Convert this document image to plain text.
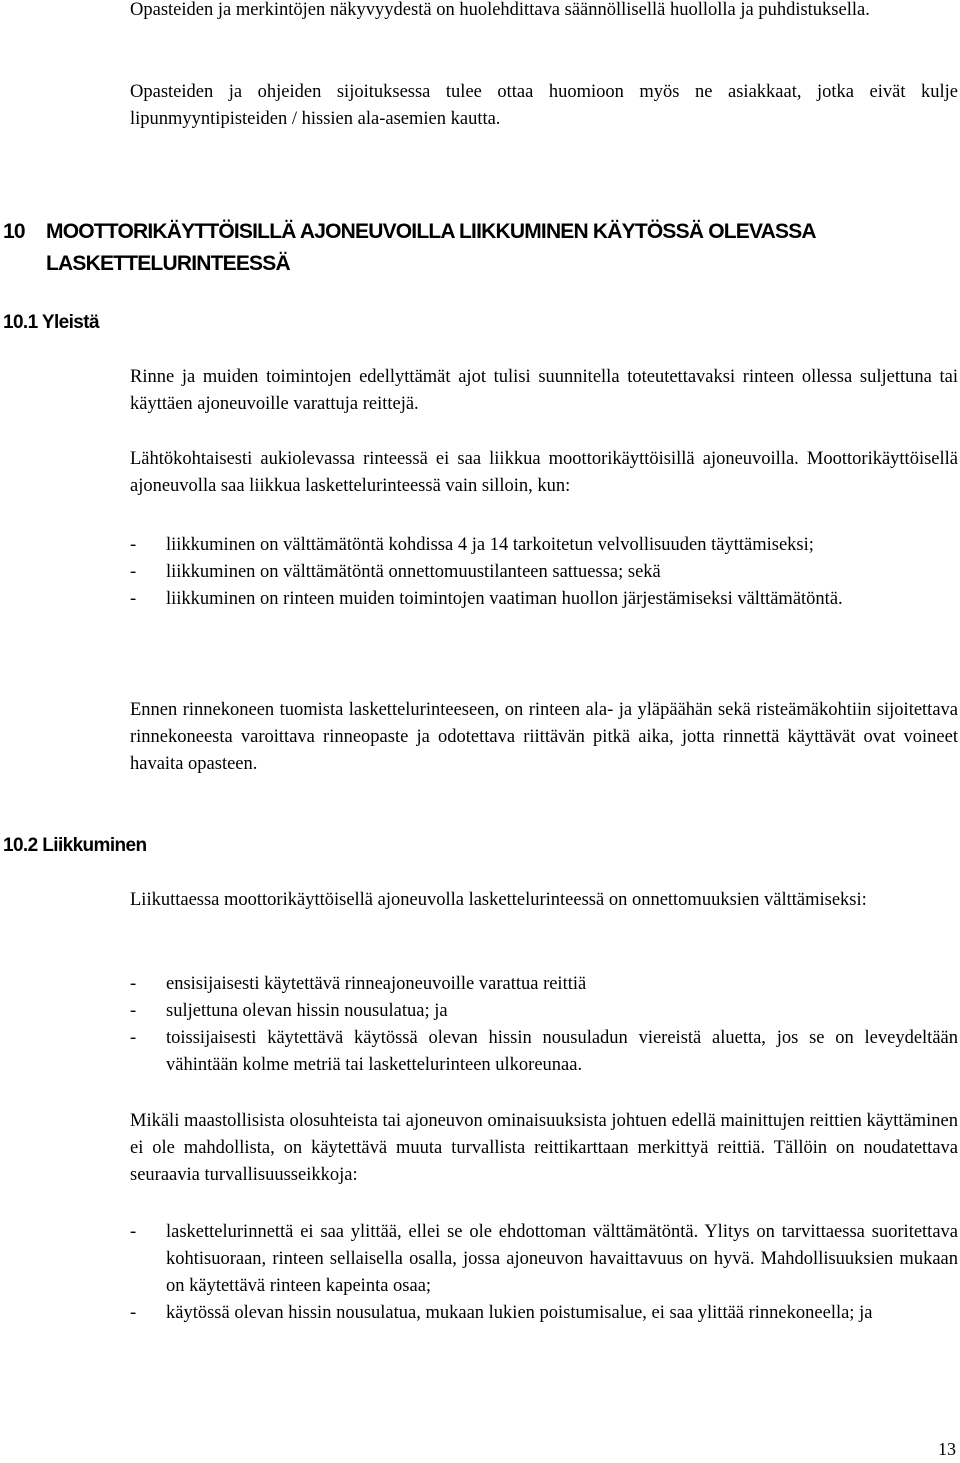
Opasteiden ja merkintöjen näkyvyydestä on huolehdittava säännöllisellä huollolla ja puhdistuksella.

Opasteiden ja ohjeiden sijoituksessa tulee ottaa huomioon myös ne asiakkaat, jotka eivät kulje lipunmyyntipisteiden / hissien ala-asemien kautta.

10	MOOTTORIKÄYTTÖISILLÄ AJONEUVOILLA LIIKKUMINEN KÄYTÖSSÄ OLEVASSA LASKETTELURINTEESSÄ
10.1 Yleistä

Rinne ja muiden toimintojen edellyttämät ajot tulisi suunnitella toteutettavaksi rinteen ollessa suljettuna tai käyttäen ajoneuvoille varattuja reittejä.

Lähtökohtaisesti aukiolevassa rinteessä ei saa liikkua moottorikäyttöisillä ajoneuvoilla. Moottorikäyttöisellä ajoneuvolla saa liikkua laskettelurinteessä vain silloin, kun:

- liikkuminen on välttämätöntä kohdissa 4 ja 14 tarkoitetun velvollisuuden täyttämiseksi;
- liikkuminen on välttämätöntä onnettomuustilanteen sattuessa; sekä
- liikkuminen on rinteen muiden toimintojen vaatiman huollon järjestämiseksi välttämätöntä.

Ennen rinnekoneen tuomista laskettelurinteeseen, on rinteen ala- ja yläpäähän sekä risteämäkohtiin sijoitettava rinnekoneesta varoittava rinneopaste ja odotettava riittävän pitkä aika, jotta rinnettä käyttävät ovat voineet havaita opasteen.

10.2 Liikkuminen

Liikuttaessa moottorikäyttöisellä ajoneuvolla laskettelurinteessä on onnettomuuksien välttämiseksi:

- ensisijaisesti käytettävä rinneajoneuvoille varattua reittiä
- suljettuna olevan hissin nousulatua; ja
- toissijaisesti käytettävä käytössä olevan hissin nousuladun viereistä aluetta, jos se on leveydeltään vähintään kolme metriä tai laskettelurinteen ulkoreunaa.

Mikäli maastollisista olosuhteista tai ajoneuvon ominaisuuksista johtuen edellä mainittujen reittien käyttäminen ei ole mahdollista, on käytettävä muuta turvallista reittikarttaan merkittyä reittiä. Tällöin on noudatettava seuraavia turvallisuusseikkoja:

- laskettelurinnettä ei saa ylittää, ellei se ole ehdottoman välttämätöntä. Ylitys on tarvittaessa suoritettava kohtisuoraan, rinteen sellaisella osalla, jossa ajoneuvon havaittavuus on hyvä. Mahdollisuuksien mukaan on käytettävä rinteen kapeinta osaa;
- käytössä olevan hissin nousulatua, mukaan lukien poistumisalue, ei saa ylittää rinnekoneella; ja
13
